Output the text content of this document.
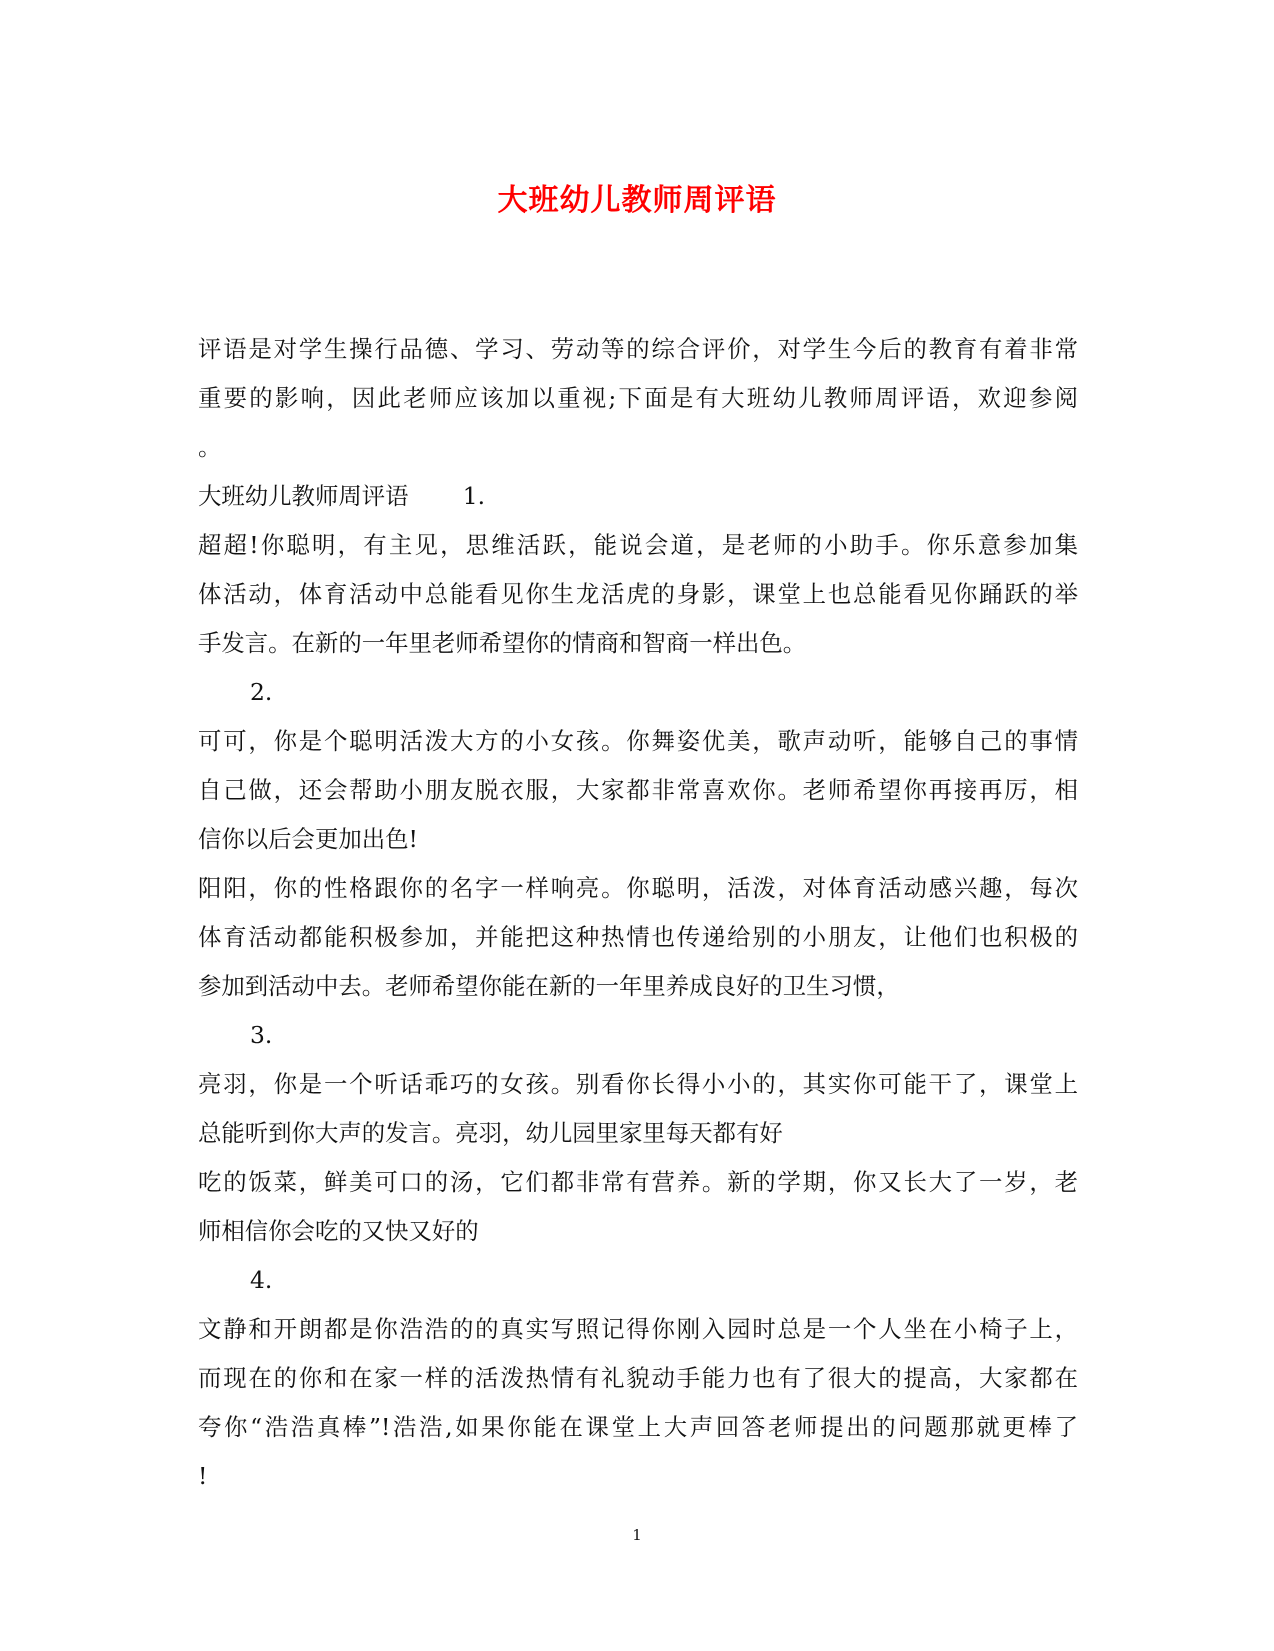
大班幼儿教师周评语
评语是对学生操行品德、学习、劳动等的综合评价，对学生今后的教育有着非常
重要的影响，因此老师应该加以重视;下面是有大班幼儿教师周评语，欢迎参阅
。
大班幼儿教师周评语　　 1.
超超!你聪明，有主见，思维活跃，能说会道，是老师的小助手。你乐意参加集
体活动，体育活动中总能看见你生龙活虎的身影，课堂上也总能看见你踊跃的举
手发言。在新的一年里老师希望你的情商和智商一样出色。
2.
可可，你是个聪明活泼大方的小女孩。你舞姿优美，歌声动听，能够自己的事情
自己做，还会帮助小朋友脱衣服，大家都非常喜欢你。老师希望你再接再厉，相
信你以后会更加出色!
阳阳，你的性格跟你的名字一样响亮。你聪明，活泼，对体育活动感兴趣，每次
体育活动都能积极参加，并能把这种热情也传递给别的小朋友，让他们也积极的
参加到活动中去。老师希望你能在新的一年里养成良好的卫生习惯，
3.
亮羽，你是一个听话乖巧的女孩。别看你长得小小的，其实你可能干了，课堂上
总能听到你大声的发言。亮羽，幼儿园里家里每天都有好
吃的饭菜，鲜美可口的汤，它们都非常有营养。新的学期，你又长大了一岁，老
师相信你会吃的又快又好的
4.
文静和开朗都是你浩浩的的真实写照记得你刚入园时总是一个人坐在小椅子上，
而现在的你和在家一样的活泼热情有礼貌动手能力也有了很大的提高，大家都在
夸你“浩浩真棒”!浩浩,如果你能在课堂上大声回答老师提出的问题那就更棒了
!
1
